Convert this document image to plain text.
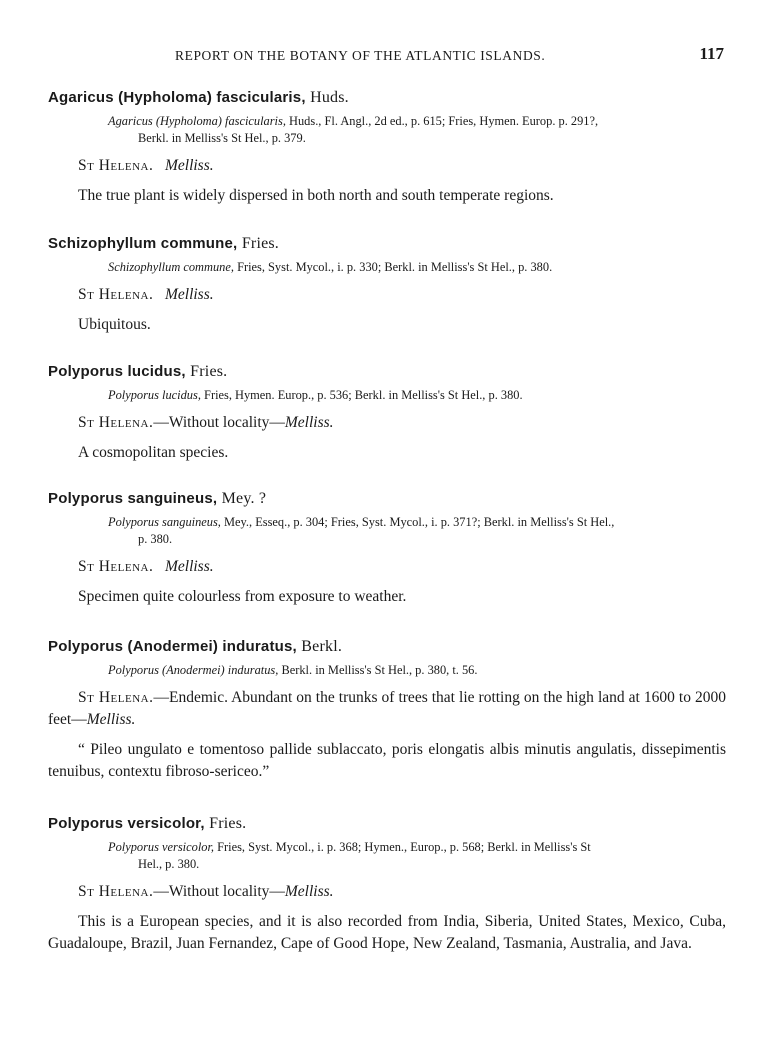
REPORT ON THE BOTANY OF THE ATLANTIC ISLANDS.	117

Agaricus (Hypholoma) fascicularis, Huds.

Agaricus (Hypholoma) fascicularis, Huds., Fl. Angl., 2d ed., p. 615; Fries, Hymen. Europ. p. 291?,
Berkl. in Melliss's St Hel., p. 379.
St Helena. Melliss.
The true plant is widely dispersed in both north and south temperate regions.

Schizophyllum commune, Fries.

Schizophyllum commune, Fries, Syst. Mycol., i. p. 330; Berkl. in Melliss's St Hel., p. 380.
St Helena. Melliss.
Ubiquitous.

Polyporus lucidus, Fries.

Polyporus lucidus, Fries, Hymen. Europ., p. 536; Berkl. in Melliss's St Hel., p. 380.
St Helena.—Without locality—Melliss.
A cosmopolitan species.

Polyporus sanguineus, Mey. ?

Polyporus sanguineus, Mey., Esseq., p. 304; Fries, Syst. Mycol., i. p. 371?; Berkl. in Melliss's St Hel.,
p. 380.
St Helena. Melliss.
Specimen quite colourless from exposure to weather.

Polyporus (Anodermei) induratus, Berkl.

Polyporus (Anodermei) induratus, Berkl. in Melliss's St Hel., p. 380, t. 56.
St Helena.—Endemic. Abundant on the trunks of trees that lie rotting on the high land at 1600 to 2000 feet—Melliss.
“ Pileo ungulato e tomentoso pallide sublaccato, poris elongatis albis minutis angulatis, dissepimentis tenuibus, contextu fibroso-sericeo.”

Polyporus versicolor, Fries.

Polyporus versicolor, Fries, Syst. Mycol., i. p. 368; Hymen., Europ., p. 568; Berkl. in Melliss's St
Hel., p. 380.
St Helena.—Without locality—Melliss.
This is a European species, and it is also recorded from India, Siberia, United States, Mexico, Cuba, Guadaloupe, Brazil, Juan Fernandez, Cape of Good Hope, New Zealand, Tasmania, Australia, and Java.
